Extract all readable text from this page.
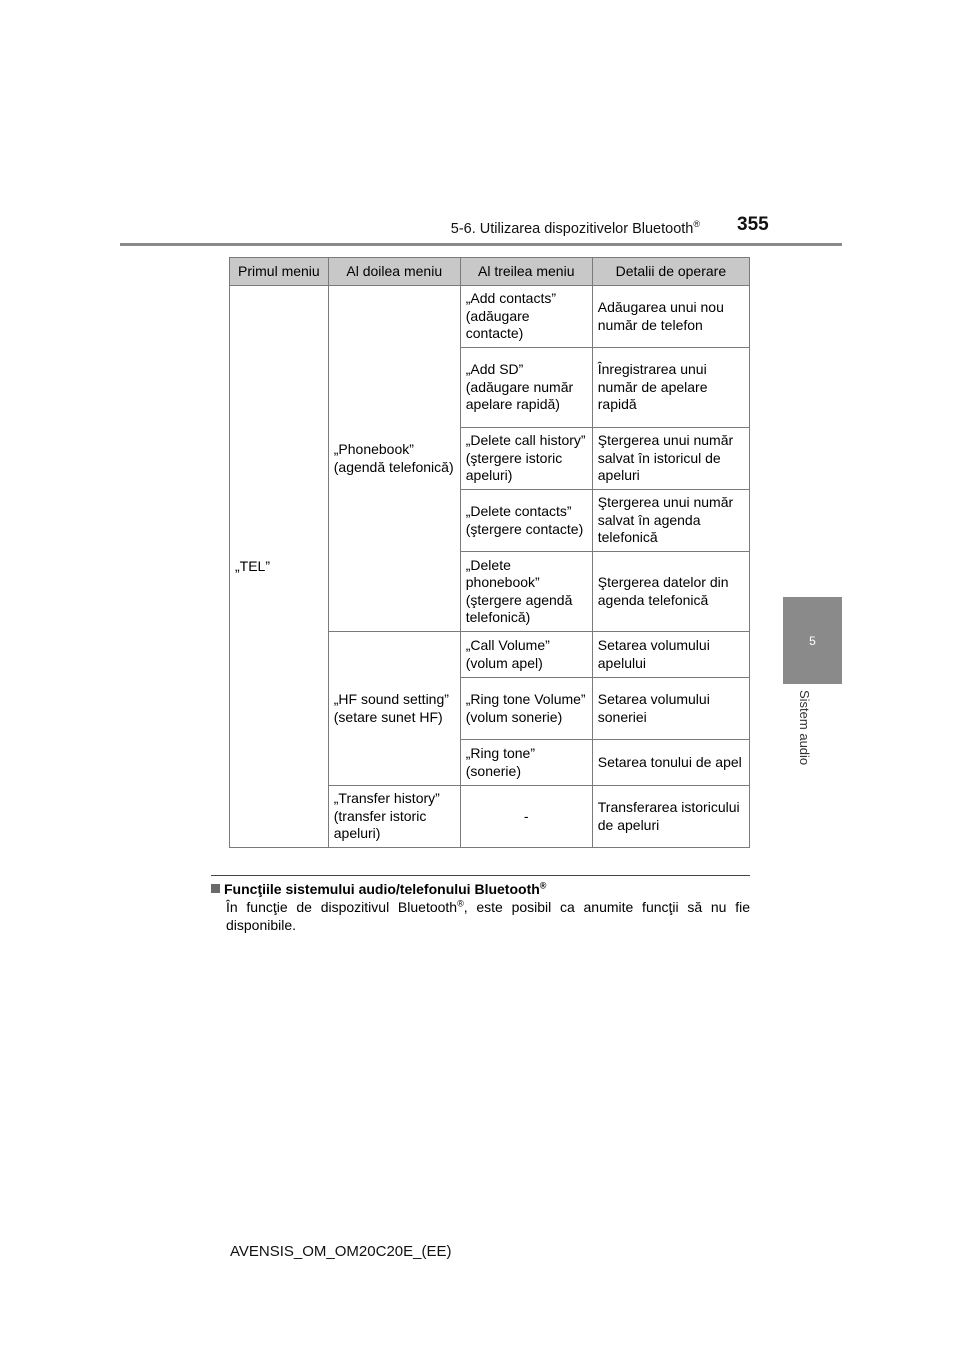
5-6. Utilizarea dispozitivelor Bluetooth® 355
5
Sistem audio
Primul meniu	Al doilea meniu	Al treilea meniu	Detalii de operare
„TEL”	„Phonebook” (agendă telefonică)	„Add contacts” (adăugare contacte)	Adăugarea unui nou număr de telefon
		„Add SD” (adăugare număr apelare rapidă)	Înregistrarea unui număr de apelare rapidă
		„Delete call history” (ştergere istoric apeluri)	Ştergerea unui număr salvat în istoricul de apeluri
		„Delete contacts” (ştergere contacte)	Ştergerea unui număr salvat în agenda telefonică
		„Delete phonebook” (ştergere agendă telefonică)	Ştergerea datelor din agenda telefonică
	„HF sound setting” (setare sunet HF)	„Call Volume” (volum apel)	Setarea volumului apelului
		„Ring tone Volume” (volum sonerie)	Setarea volumului soneriei
		„Ring tone” (sonerie)	Setarea tonului de apel
	„Transfer history” (transfer istoric apeluri)	-	Transferarea istoricului de apeluri
Funcţiile sistemului audio/telefonului Bluetooth®
În funcţie de dispozitivul Bluetooth®, este posibil ca anumite funcţii să nu fie disponibile.
AVENSIS_OM_OM20C20E_(EE)
